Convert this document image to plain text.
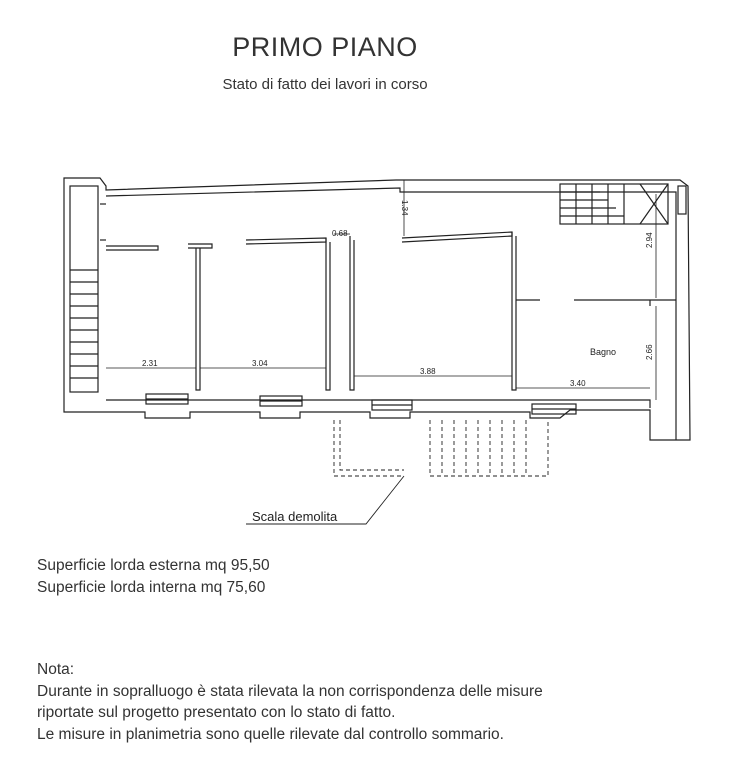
PRIMO PIANO
Stato di fatto dei lavori in corso
2.31	3.04
3.88
3.40
0.68
1.34
2.94
2.66
Bagno
Scala demolita
Superficie lorda esterna mq 95,50
Superficie lorda interna mq 75,60
Nota:
Durante in sopralluogo è stata rilevata la non corrispondenza delle misure
riportate sul progetto presentato con lo stato di fatto.
Le misure in planimetria sono quelle rilevate dal controllo sommario.
